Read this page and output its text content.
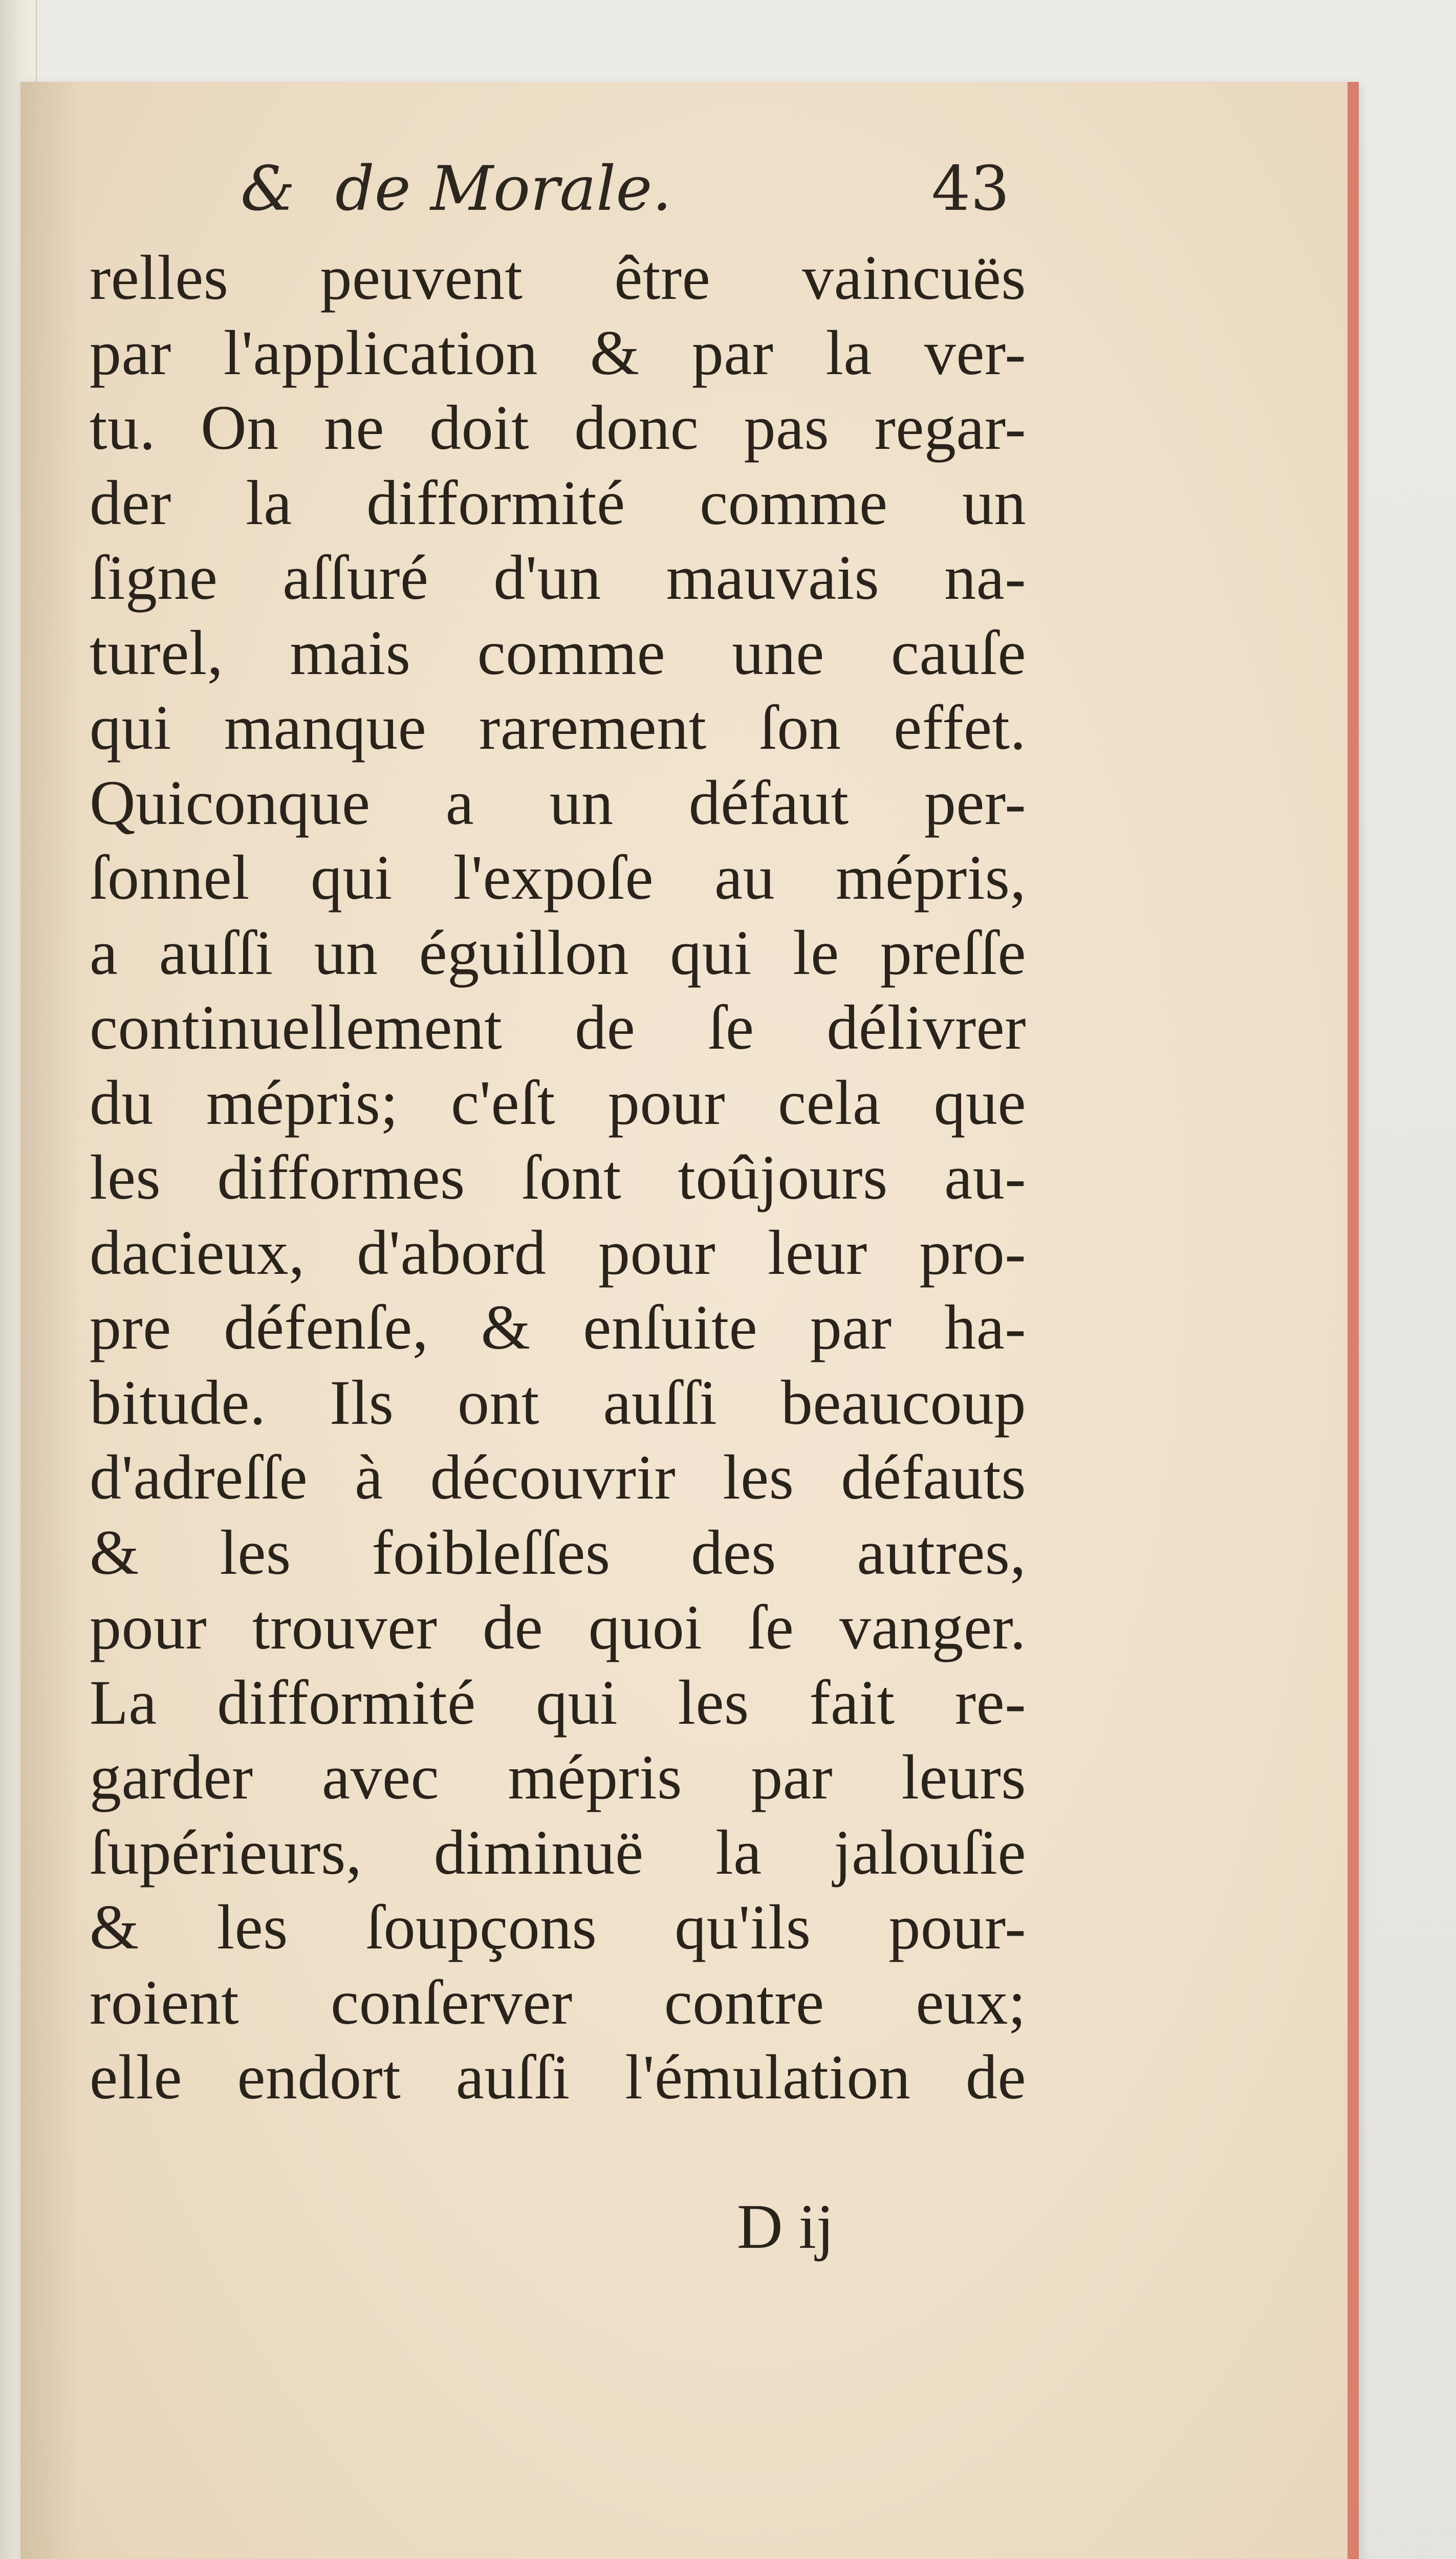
& de Morale.	43
relles peuvent être vaincuës
par l'application & par la ver-
tu. On ne doit donc pas regar-
der la difformité comme un
ſigne aſſuré d'un mauvais na-
turel, mais comme une cauſe
qui manque rarement ſon effet.
Quiconque a un défaut per-
ſonnel qui l'expoſe au mépris,
a auſſi un éguillon qui le preſſe
continuellement de ſe délivrer
du mépris; c'eſt pour cela que
les difformes ſont toûjours au-
dacieux, d'abord pour leur pro-
pre défenſe, & enſuite par ha-
bitude. Ils ont auſſi beaucoup
d'adreſſe à découvrir les défauts
& les foibleſſes des autres,
pour trouver de quoi ſe vanger.
La difformité qui les fait re-
garder avec mépris par leurs
ſupérieurs, diminuë la jalouſie
& les ſoupçons qu'ils pour-
roient conſerver contre eux;
elle endort auſſi l'émulation de
D ij
